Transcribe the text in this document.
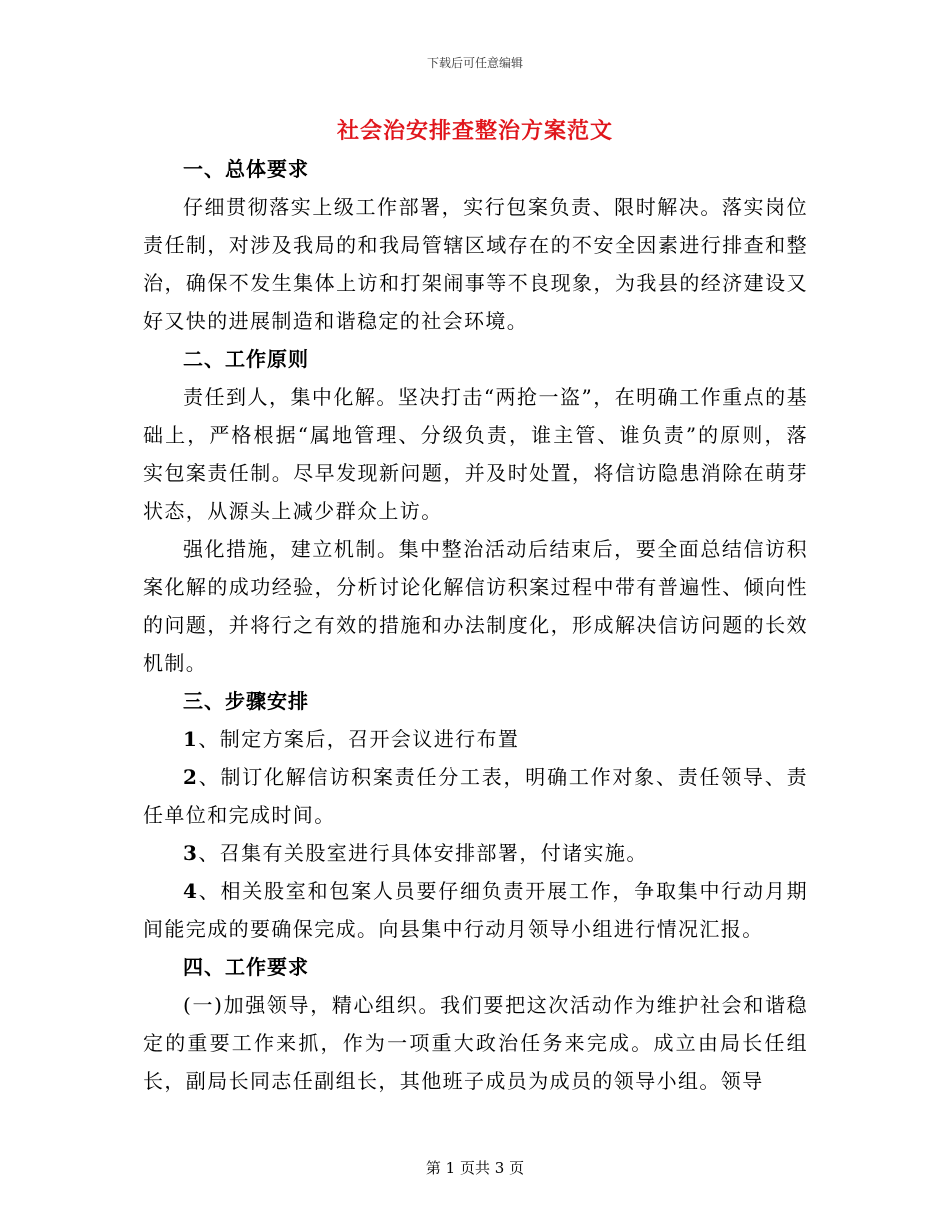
下载后可任意编辑
社会治安排查整治方案范文
一、总体要求

仔细贯彻落实上级工作部署，实行包案负责、限时解决。落实岗位责任制，对涉及我局的和我局管辖区域存在的不安全因素进行排查和整治，确保不发生集体上访和打架闹事等不良现象，为我县的经济建设又好又快的进展制造和谐稳定的社会环境。

二、工作原则

责任到人，集中化解。坚决打击“两抢一盗”，在明确工作重点的基础上，严格根据“属地管理、分级负责，谁主管、谁负责”的原则，落实包案责任制。尽早发现新问题，并及时处置，将信访隐患消除在萌芽状态，从源头上减少群众上访。

强化措施，建立机制。集中整治活动后结束后，要全面总结信访积案化解的成功经验，分析讨论化解信访积案过程中带有普遍性、倾向性的问题，并将行之有效的措施和办法制度化，形成解决信访问题的长效机制。

三、步骤安排

1、制定方案后，召开会议进行布置

2、制订化解信访积案责任分工表，明确工作对象、责任领导、责任单位和完成时间。

3、召集有关股室进行具体安排部署，付诸实施。

4、相关股室和包案人员要仔细负责开展工作，争取集中行动月期间能完成的要确保完成。向县集中行动月领导小组进行情况汇报。

四、工作要求

(一)加强领导，精心组织。我们要把这次活动作为维护社会和谐稳定的重要工作来抓，作为一项重大政治任务来完成。成立由局长任组长，副局长同志任副组长，其他班子成员为成员的领导小组。领导

第 1 页共 3 页
